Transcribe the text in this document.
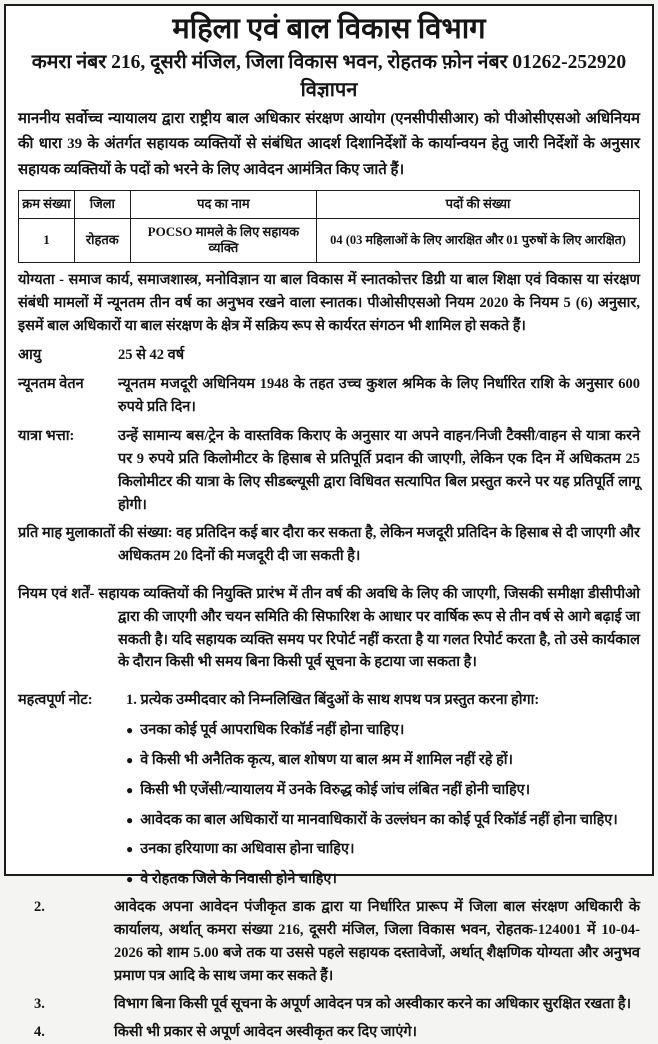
महिला एवं बाल विकास विभाग
कमरा नंबर 216, दूसरी मंजिल, जिला विकास भवन, रोहतक फ़ोन नंबर 01262-252920
विज्ञापन

माननीय सर्वोच्च न्यायालय द्वारा राष्ट्रीय बाल अधिकार संरक्षण आयोग (एनसीपीसीआर) को पीओसीएसओ अधिनियम की धारा 39 के अंतर्गत सहायक व्यक्तियों से संबंधित आदर्श दिशानिर्देशों के कार्यान्वयन हेतु जारी निर्देशों के अनुसार सहायक व्यक्तियों के पदों को भरने के लिए आवेदन आमंत्रित किए जाते हैं।

क्रम संख्या	जिला	पद का नाम	पदों की संख्या
1	रोहतक	POCSO मामले के लिए सहायक व्यक्ति	04 (03 महिलाओं के लिए आरक्षित और 01 पुरुषों के लिए आरक्षित)

योग्यता - समाज कार्य, समाजशास्त्र, मनोविज्ञान या बाल विकास में स्नातकोत्तर डिग्री या बाल शिक्षा एवं विकास या संरक्षण संबंधी मामलों में न्यूनतम तीन वर्ष का अनुभव रखने वाला स्नातक। पीओसीएसओ नियम 2020 के नियम 5 (6) अनुसार, इसमें बाल अधिकारों या बाल संरक्षण के क्षेत्र में सक्रिय रूप से कार्यरत संगठन भी शामिल हो सकते हैं।

आयु	25 से 42 वर्ष
न्यूनतम वेतन	न्यूनतम मजदूरी अधिनियम 1948 के तहत उच्च कुशल श्रमिक के लिए निर्धारित राशि के अनुसार 600 रुपये प्रति दिन।
यात्रा भत्ता:	उन्हें सामान्य बस/ट्रेन के वास्तविक किराए के अनुसार या अपने वाहन/निजी टैक्सी/वाहन से यात्रा करने पर 9 रुपये प्रति किलोमीटर के हिसाब से प्रतिपूर्ति प्रदान की जाएगी, लेकिन एक दिन में अधिकतम 25 किलोमीटर की यात्रा के लिए सीडब्ल्यूसी द्वारा विधिवत सत्यापित बिल प्रस्तुत करने पर यह प्रतिपूर्ति लागू होगी।

प्रति माह मुलाकातों की संख्या: वह प्रतिदिन कई बार दौरा कर सकता है, लेकिन मजदूरी प्रतिदिन के हिसाब से दी जाएगी और अधिकतम 20 दिनों की मजदूरी दी जा सकती है।

नियम एवं शर्तें- सहायक व्यक्तियों की नियुक्ति प्रारंभ में तीन वर्ष की अवधि के लिए की जाएगी, जिसकी समीक्षा डीसीपीओ द्वारा की जाएगी और चयन समिति की सिफारिश के आधार पर वार्षिक रूप से तीन वर्ष से आगे बढ़ाई जा सकती है। यदि सहायक व्यक्ति समय पर रिपोर्ट नहीं करता है या गलत रिपोर्ट करता है, तो उसे कार्यकाल के दौरान किसी भी समय बिना किसी पूर्व सूचना के हटाया जा सकता है।

महत्वपूर्ण नोट:	1. प्रत्येक उम्मीदवार को निम्नलिखित बिंदुओं के साथ शपथ पत्र प्रस्तुत करना होगा:
● उनका कोई पूर्व आपराधिक रिकॉर्ड नहीं होना चाहिए।
● वे किसी भी अनैतिक कृत्य, बाल शोषण या बाल श्रम में शामिल नहीं रहे हों।
● किसी भी एजेंसी/न्यायालय में उनके विरुद्ध कोई जांच लंबित नहीं होनी चाहिए।
● आवेदक का बाल अधिकारों या मानवाधिकारों के उल्लंघन का कोई पूर्व रिकॉर्ड नहीं होना चाहिए।
● उनका हरियाणा का अधिवास होना चाहिए।
● वे रोहतक जिले के निवासी होने चाहिए।
2.	आवेदक अपना आवेदन पंजीकृत डाक द्वारा या निर्धारित प्रारूप में जिला बाल संरक्षण अधिकारी के कार्यालय, अर्थात् कमरा संख्या 216, दूसरी मंजिल, जिला विकास भवन, रोहतक-124001 में 10-04-2026 को शाम 5.00 बजे तक या उससे पहले सहायक दस्तावेजों, अर्थात् शैक्षणिक योग्यता और अनुभव प्रमाण पत्र आदि के साथ जमा कर सकते हैं।
3.	विभाग बिना किसी पूर्व सूचना के अपूर्ण आवेदन पत्र को अस्वीकार करने का अधिकार सुरक्षित रखता है।
4.	किसी भी प्रकार से अपूर्ण आवेदन अस्वीकृत कर दिए जाएंगे।
